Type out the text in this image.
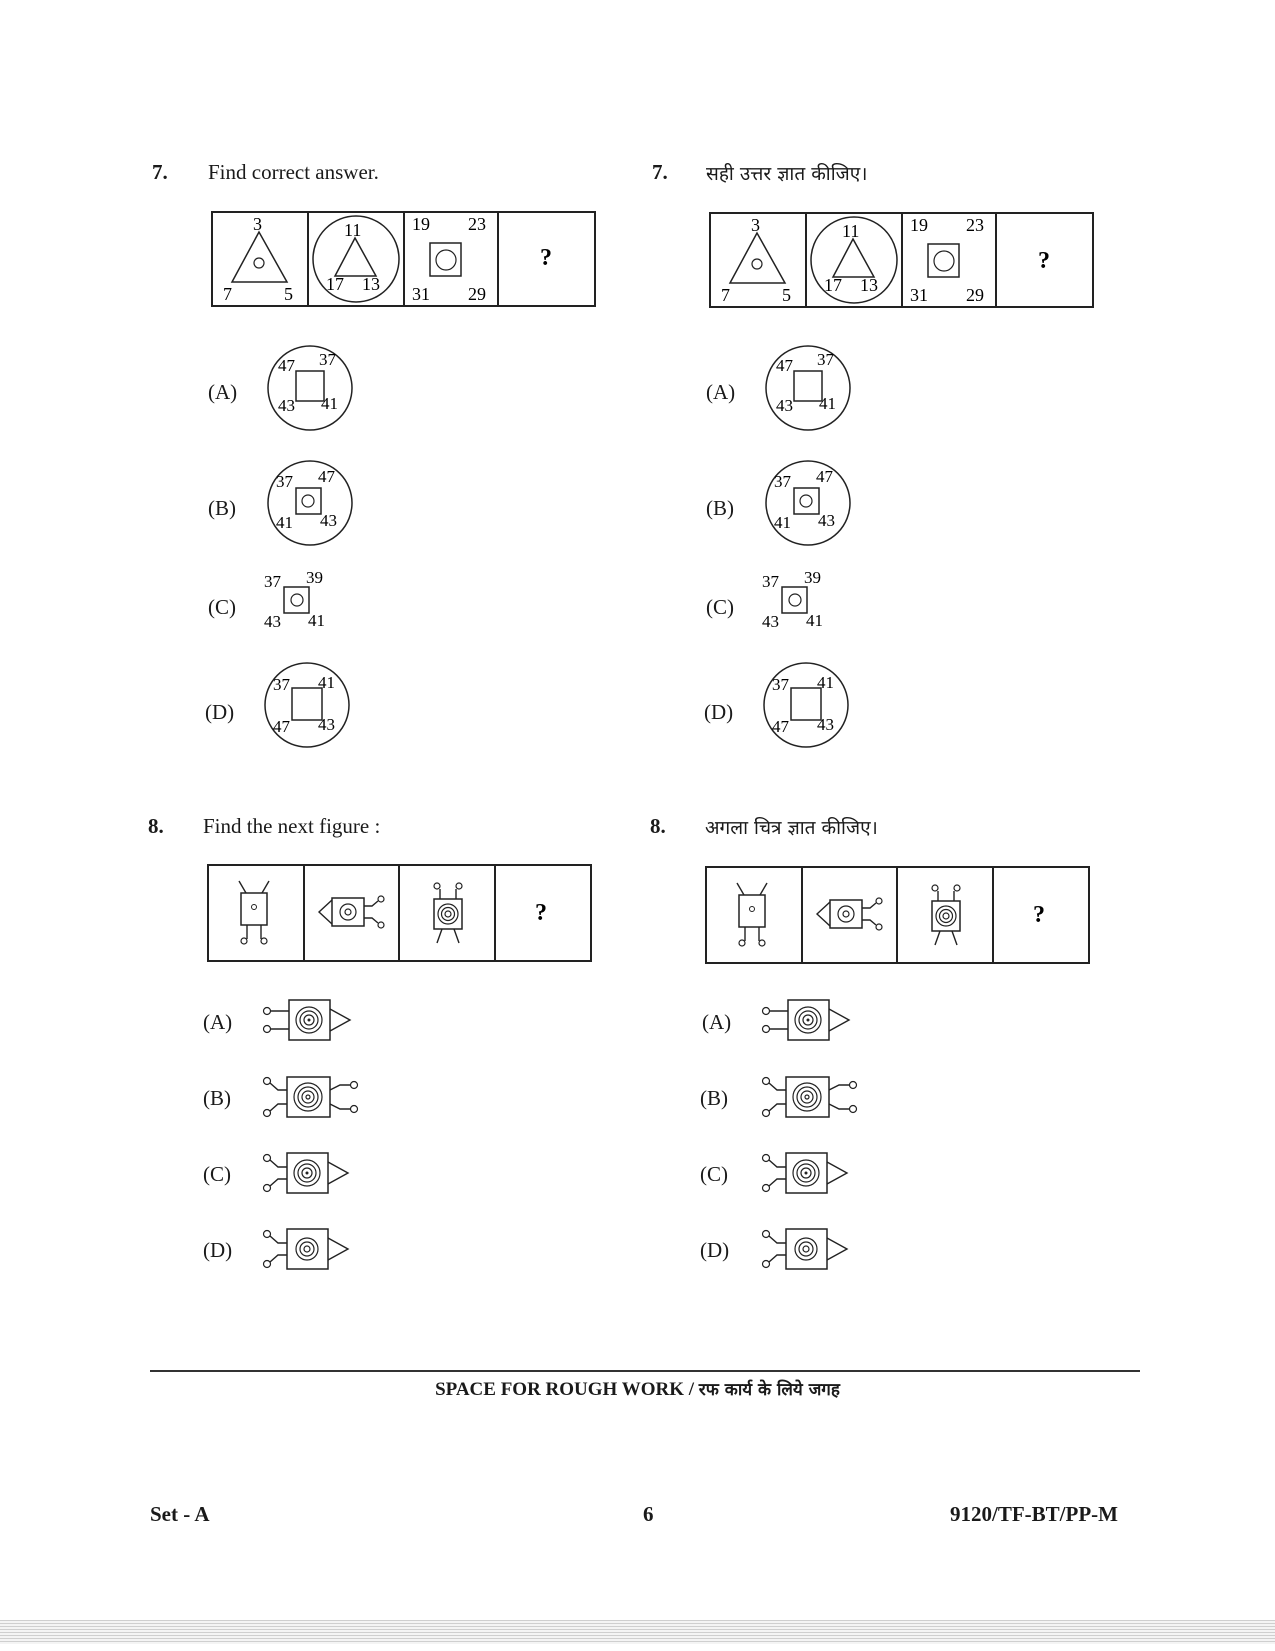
7. Find correct answer.
3
7	5
11
17 13
19 23
31 29
?
(A)
47 37
43 41
(B)
37 47
41 43
(C)
37 39
43 41
(D)
37 41
47 43
8. Find the next figure :
?
(A)
(B)
(C)
(D)
7. सही उत्तर ज्ञात कीजिए।
3
7	5
11
17 13
19 23
31 29
?
(A)
47 37
43 41
(B)
37 47
41 43
(C)
37 39
43 41
(D)
37 41
47 43
8. अगला चित्र ज्ञात कीजिए।
?
(A)
(B)
(C)
(D)
SPACE FOR ROUGH WORK / रफ कार्य के लिये जगह
Set - A	6	9120/TF-BT/PP-M
